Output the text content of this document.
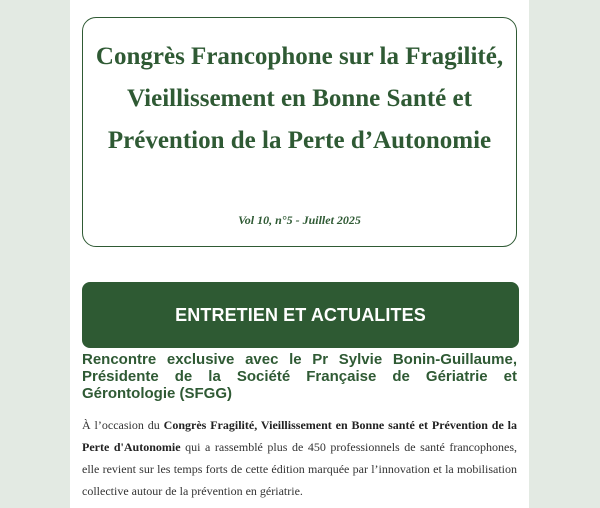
Congrès Francophone sur la Fragilité, Vieillissement en Bonne Santé et Prévention de la Perte d’Autonomie
Vol 10, n°5 - Juillet 2025
ENTRETIEN ET ACTUALITES
Rencontre exclusive avec le Pr Sylvie Bonin-Guillaume, Présidente de la Société Française de Gériatrie et Gérontologie (SFGG)

À l’occasion du Congrès Fragilité, Vieillissement en Bonne santé et Prévention de la Perte d'Autonomie qui a rassemblé plus de 450 professionnels de santé francophones, elle revient sur les temps forts de cette édition marquée par l’innovation et la mobilisation collective autour de la prévention en gériatrie.
